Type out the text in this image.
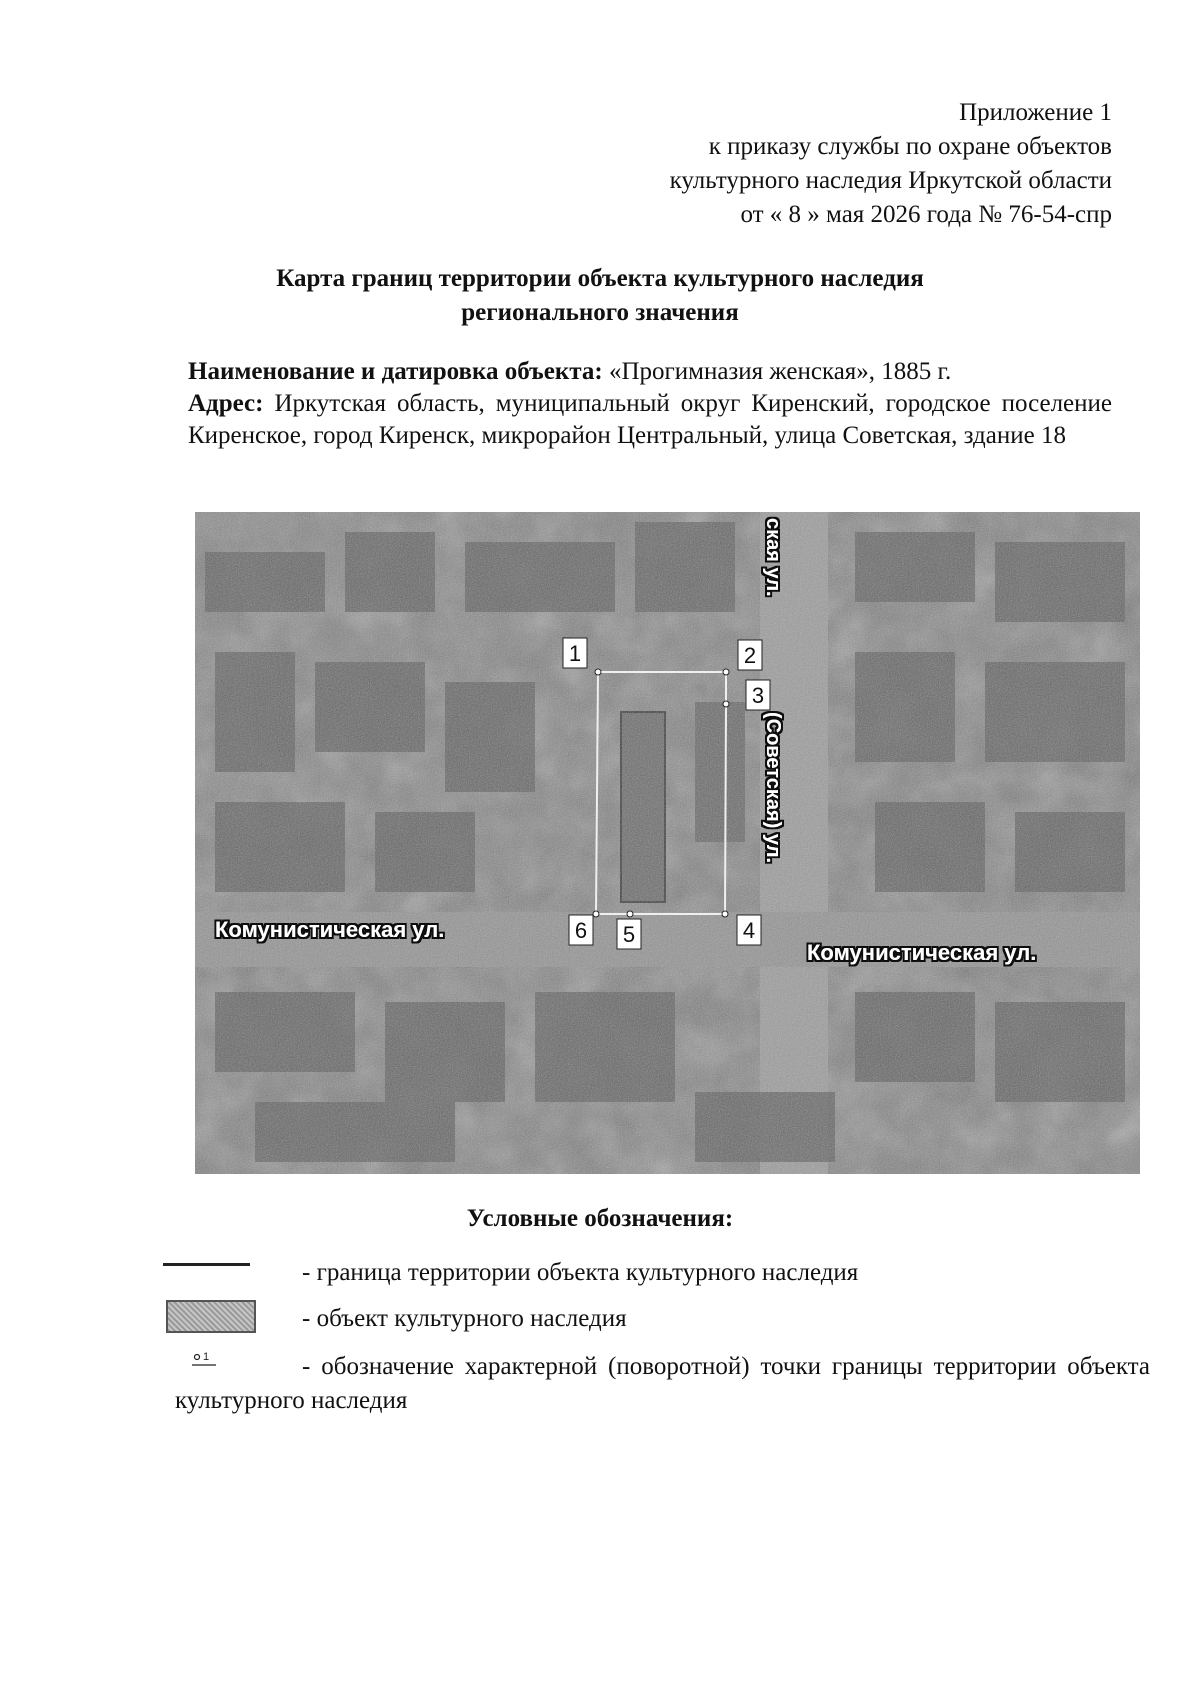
Приложение 1
к приказу службы по охране объектов
культурного наследия Иркутской области
от « 8 » мая 2026 года № 76-54-спр
Карта границ территории объекта культурного наследия
регионального значения
Наименование и датировка объекта: «Прогимназия женская», 1885 г.
Адрес: Иркутская область, муниципальный округ Киренский, городское поселение Киренское, город Киренск, микрорайон Центральный, улица Советская, здание 18
1	2
3
4
5
6
ская ул.
(Советская) ул.
Комунистическая ул.
Комунистическая ул.
Условные обозначения:
- граница территории объекта культурного наследия
- объект культурного наследия
1	- обозначение характерной (поворотной) точки границы территории объекта культурного наследия
